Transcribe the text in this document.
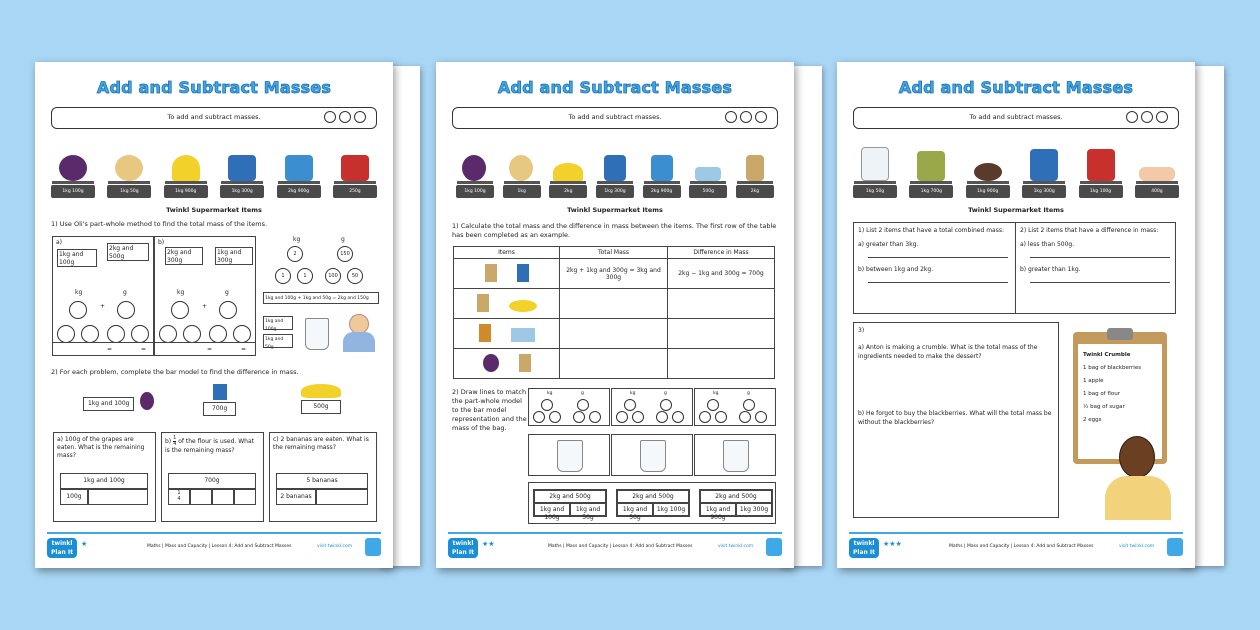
Add and Subtract Masses
To add and subtract masses.
1kg 100g	1kg 50g	1kg 900g	1kg 300g	2kg 900g	250g
Twinkl Supermarket Items
1) Use Oli's part-whole method to find the total mass of the items.
a)
1kg and 100g
2kg and 500g
kg	g
+
b)
2kg and 300g
1kg and 300g
kg	g
+
=	=	=	=
kg	g
2	150
1	1	100	50
1kg and 100g + 1kg and 50g = 2kg and 150g
1kg and 100g
1kg and 50g
2) For each problem, complete the bar model to find the difference in mass.
1kg and 100g
700g	500g
a) 100g of the grapes are eaten. What is the remaining mass?
1kg and 100g
100g
$b) \frac{1}{4}$ of the flour is used. What is the remaining mass?
700g
1
4
c) 2 bananas are eaten. What is the remaining mass?
5 bananas
2 bananas
twinkl Plan It
★	Maths | Mass and Capacity | Lesson 4: Add and Subtract Masses	visit twinkl.com
Add and Subtract Masses
To add and subtract masses.
1kg 100g	1kg	2kg	1kg 300g	2kg 900g	500g	2kg
Twinkl Supermarket Items
1) Calculate the total mass and the difference in mass between the items. The first row of the table has been completed as an example.
Items	Total Mass	Difference in Mass
	2kg + 1kg and 300g = 3kg and 300g	2kg − 1kg and 300g = 700g

2) Draw lines to match the part-whole model to the bar model representation and the mass of the bag.
kg	g	kg	g	kg	g
2kg and 500g
1kg and 100g
1kg and 50g
2kg and 500g
1kg and 50g
1kg 100g
2kg and 500g
1kg and 900g
1kg 300g
twinkl Plan It
★★	Maths | Mass and Capacity | Lesson 4: Add and Subtract Masses	visit twinkl.com
Add and Subtract Masses
To add and subtract masses.
1kg 50g	1kg 700g	1kg 900g	1kg 300g	1kg 100g	400g
Twinkl Supermarket Items
1) List 2 items that have a total combined mass:
a) greater than 3kg.
b) between 1kg and 2kg.
2) List 2 items that have a difference in mass:
a) less than 500g.
b) greater than 1kg.
3)
a) Anton is making a crumble. What is the total mass of the ingredients needed to make the dessert?
b) He forgot to buy the blackberries. What will the total mass be without the blackberries?
Twinkl Crumble
1 bag of blackberries
1 apple
1 bag of flour
½ bag of sugar
2 eggs
twinkl Plan It
★★★	Maths | Mass and Capacity | Lesson 4: Add and Subtract Masses	visit twinkl.com
